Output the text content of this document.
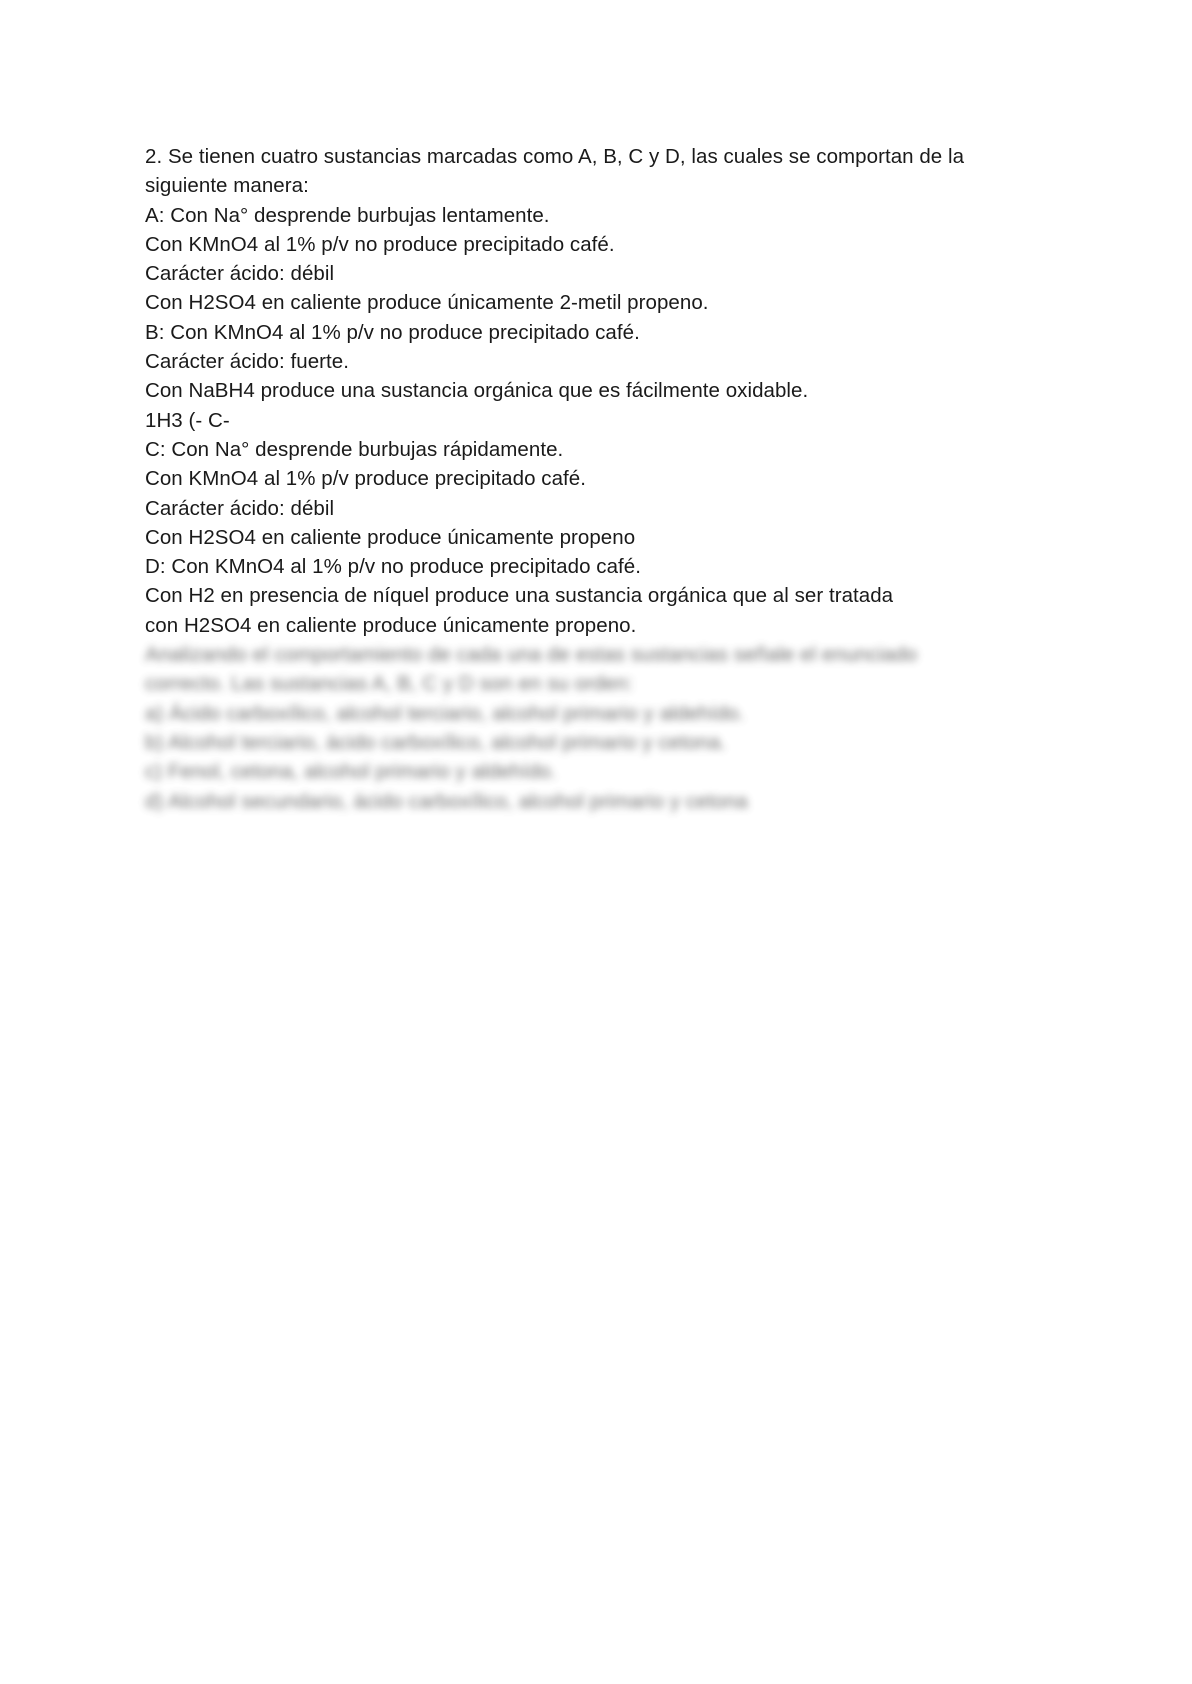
2. Se tienen cuatro sustancias marcadas como A, B, C y D, las cuales se comportan de la
siguiente manera:
A: Con Na° desprende burbujas lentamente.
Con KMnO4 al 1% p/v no produce precipitado café.
Carácter ácido: débil
Con H2SO4 en caliente produce únicamente 2-metil propeno.
B: Con KMnO4 al 1% p/v no produce precipitado café.
Carácter ácido: fuerte.
Con NaBH4 produce una sustancia orgánica que es fácilmente oxidable.
1H3 (- C-
C: Con Na° desprende burbujas rápidamente.
Con KMnO4 al 1% p/v produce precipitado café.
Carácter ácido: débil
Con H2SO4 en caliente produce únicamente propeno
D: Con KMnO4 al 1% p/v no produce precipitado café.
Con H2 en presencia de níquel produce una sustancia orgánica que al ser tratada
con H2SO4 en caliente produce únicamente propeno.
Analizando el comportamiento de cada una de estas sustancias señale el enunciado
correcto. Las sustancias A, B, C y D son en su orden:
a) Ácido carboxílico, alcohol terciario, alcohol primario y aldehído.
b) Alcohol terciario, ácido carboxílico, alcohol primario y cetona.
c) Fenol, cetona, alcohol primario y aldehído.
d) Alcohol secundario, ácido carboxílico, alcohol primario y cetona
